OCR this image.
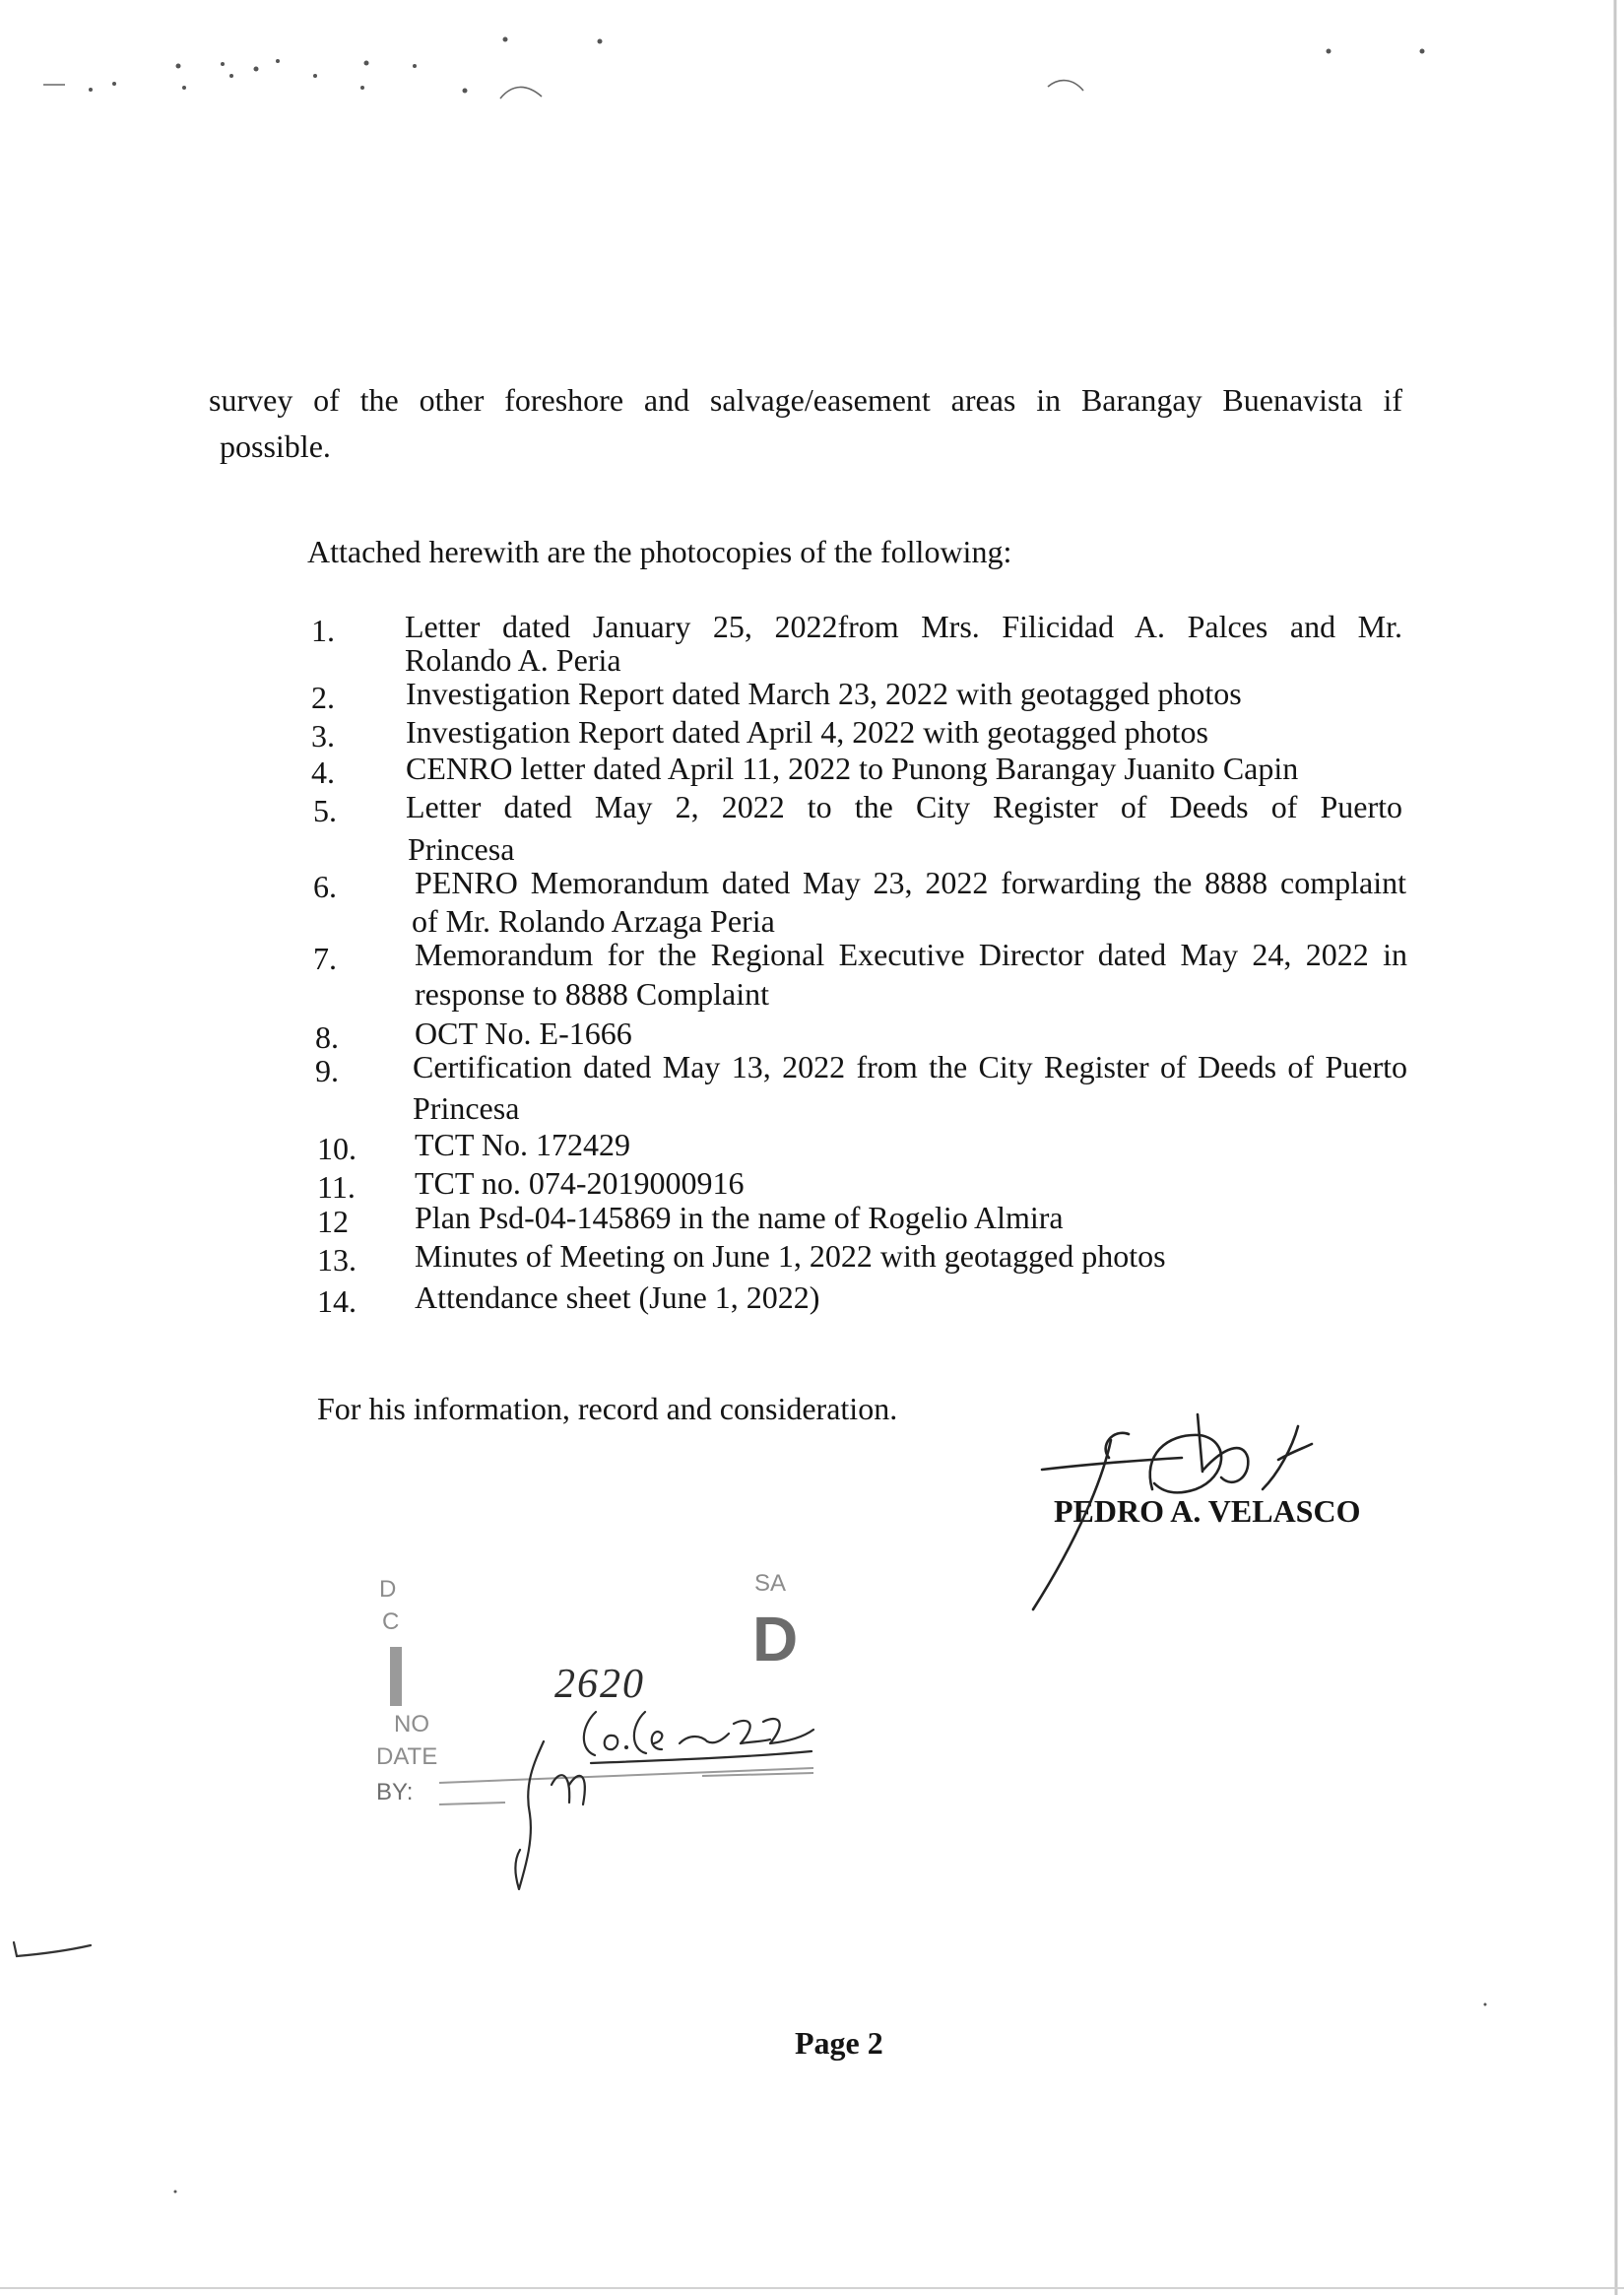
survey of the other foreshore and salvage/easement areas in Barangay Buenavista if
possible.
Attached herewith are the photocopies of the following:
1. Letter dated January 25, 2022from Mrs. Filicidad A. Palces and Mr.
Rolando A. Peria
2. Investigation Report dated March 23, 2022 with geotagged photos
3. Investigation Report dated April 4, 2022 with geotagged photos
4. CENRO letter dated April 11, 2022 to Punong Barangay Juanito Capin
5. Letter dated May 2, 2022 to the City Register of Deeds of Puerto
Princesa
6. PENRO Memorandum dated May 23, 2022 forwarding the 8888 complaint
of Mr. Rolando Arzaga Peria
7. Memorandum for the Regional Executive Director dated May 24, 2022 in
response to 8888 Complaint
8. OCT No. E-1666
9. Certification dated May 13, 2022 from the City Register of Deeds of Puerto
Princesa
10. TCT No. 172429
11. TCT no. 074-2019000916
12 Plan Psd-04-145869 in the name of Rogelio Almira
13. Minutes of Meeting on June 1, 2022 with geotagged photos
14. Attendance sheet (June 1, 2022)
For his information, record and consideration.
PEDRO A. VELASCO
D
C
SA
D
NO
DATE
BY:
2620
Page 2
